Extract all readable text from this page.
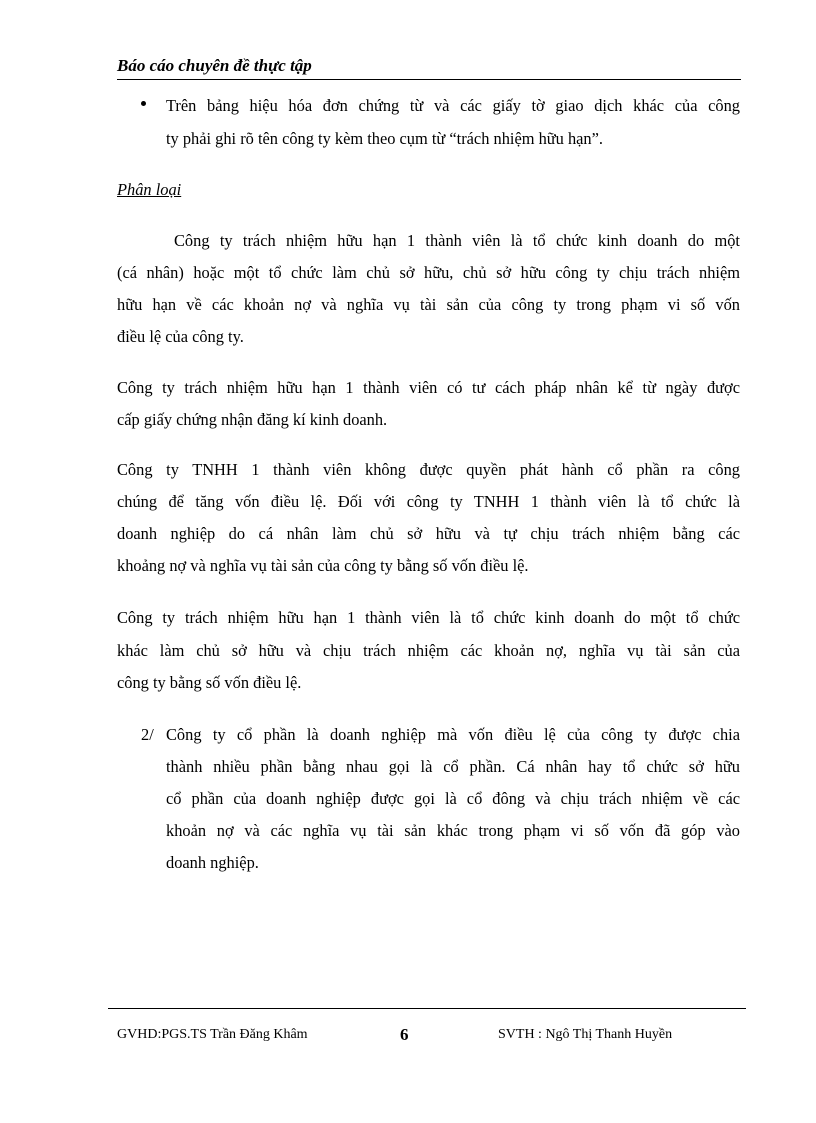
Báo cáo chuyên đề thực tập
Trên bảng hiệu hóa đơn chứng từ và các giấy tờ giao dịch khác của công
ty phải ghi rõ tên công ty kèm theo cụm từ “trách nhiệm hữu hạn”.
Phân loại
Công ty trách nhiệm hữu hạn 1 thành viên là tổ chức kinh doanh do một
(cá nhân) hoặc một tổ chức làm chủ sở hữu, chủ sở hữu công ty chịu trách nhiệm
hữu hạn về các khoản nợ và nghĩa vụ tài sản của công ty trong phạm vi số vốn
điều lệ của công ty.
Công ty trách nhiệm hữu hạn 1 thành viên có tư cách pháp nhân kể từ ngày được
cấp giấy chứng nhận đăng kí kinh doanh.
Công ty TNHH 1 thành viên không được quyền phát hành cổ phần ra công
chúng để tăng vốn điều lệ. Đối với công ty TNHH 1 thành viên là tổ chức là
doanh nghiệp do cá nhân làm chủ sở hữu và tự chịu trách nhiệm bằng các
khoảng nợ và nghĩa vụ tài sản của công ty bằng số vốn điều lệ.
Công ty trách nhiệm hữu hạn 1 thành viên là tổ chức kinh doanh do một tổ chức
khác làm chủ sở hữu và chịu trách nhiệm các khoản nợ, nghĩa vụ tài sản của
công ty bằng số vốn điều lệ.
2/ Công ty cổ phần là doanh nghiệp mà vốn điều lệ của công ty được chia
thành nhiều phần bằng nhau gọi là cổ phần. Cá nhân hay tổ chức sở hữu
cổ phần của doanh nghiệp được gọi là cổ đông và chịu trách nhiệm về các
khoản nợ và các nghĩa vụ tài sản khác trong phạm vi số vốn đã góp vào
doanh nghiệp.
GVHD:PGS.TS Trần Đăng Khâm	6	SVTH : Ngô Thị Thanh Huyền
